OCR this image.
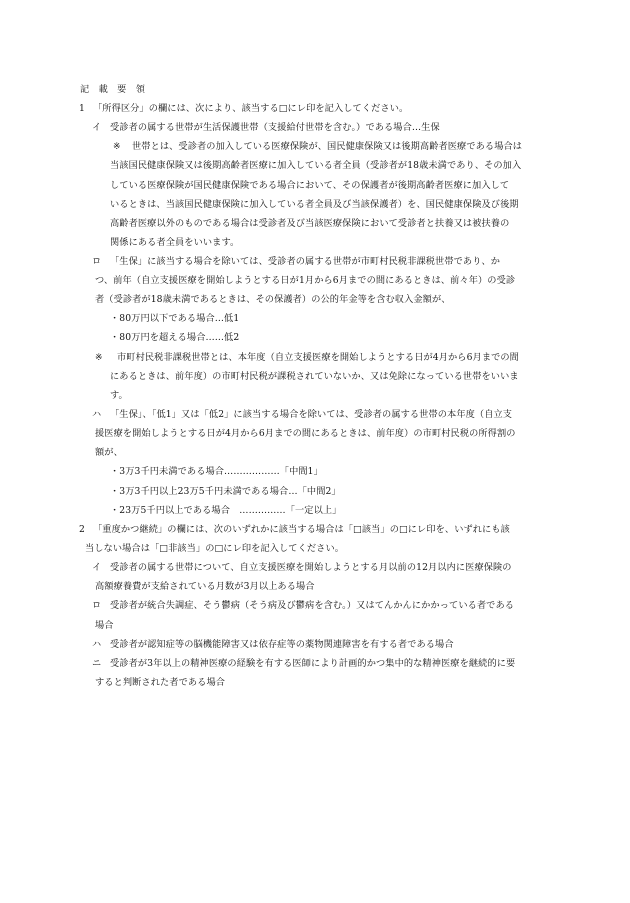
記　載　要　領
1 「所得区分」の欄には、次により、該当する□にレ印を記入してください。
イ 受診者の属する世帯が生活保護世帯（支援給付世帯を含む。）である場合…生保
※ 世帯とは、受診者の加入している医療保険が、国民健康保険又は後期高齢者医療である場合は
当該国民健康保険又は後期高齢者医療に加入している者全員（受診者が18歳未満であり、その加入
している医療保険が国民健康保険である場合において、その保護者が後期高齢者医療に加入して
いるときは、当該国民健康保険に加入している者全員及び当該保護者）を、国民健康保険及び後期
高齢者医療以外のものである場合は受診者及び当該医療保険において受診者と扶養又は被扶養の
関係にある者全員をいいます。
ロ 「生保」に該当する場合を除いては、受診者の属する世帯が市町村民税非課税世帯であり、か
つ、前年（自立支援医療を開始しようとする日が1月から6月までの間にあるときは、前々年）の受診
者（受診者が18歳未満であるときは、その保護者）の公的年金等を含む収入金額が、
・80万円以下である場合…低1
・80万円を超える場合……低2
※ 市町村民税非課税世帯とは、本年度（自立支援医療を開始しようとする日が4月から6月までの間
にあるときは、前年度）の市町村民税が課税されていないか、又は免除になっている世帯をいいま
す。
ハ 「生保」、「低1」又は「低2」に該当する場合を除いては、受診者の属する世帯の本年度（自立支
援医療を開始しようとする日が4月から6月までの間にあるときは、前年度）の市町村民税の所得割の
額が、
・3万3千円未満である場合………………「中間1」
・3万3千円以上23万5千円未満である場合…「中間2」
・23万5千円以上である場合　……………「一定以上」
2 「重度かつ継続」の欄には、次のいずれかに該当する場合は「□該当」の□にレ印を、いずれにも該
当しない場合は「□非該当」の□にレ印を記入してください。
イ 受診者の属する世帯について、自立支援医療を開始しようとする月以前の12月以内に医療保険の
高額療養費が支給されている月数が3月以上ある場合
ロ 受診者が統合失調症、そう鬱病（そう病及び鬱病を含む。）又はてんかんにかかっている者である
場合
ハ 受診者が認知症等の脳機能障害又は依存症等の薬物関連障害を有する者である場合
ニ 受診者が3年以上の精神医療の経験を有する医師により計画的かつ集中的な精神医療を継続的に要
すると判断された者である場合
